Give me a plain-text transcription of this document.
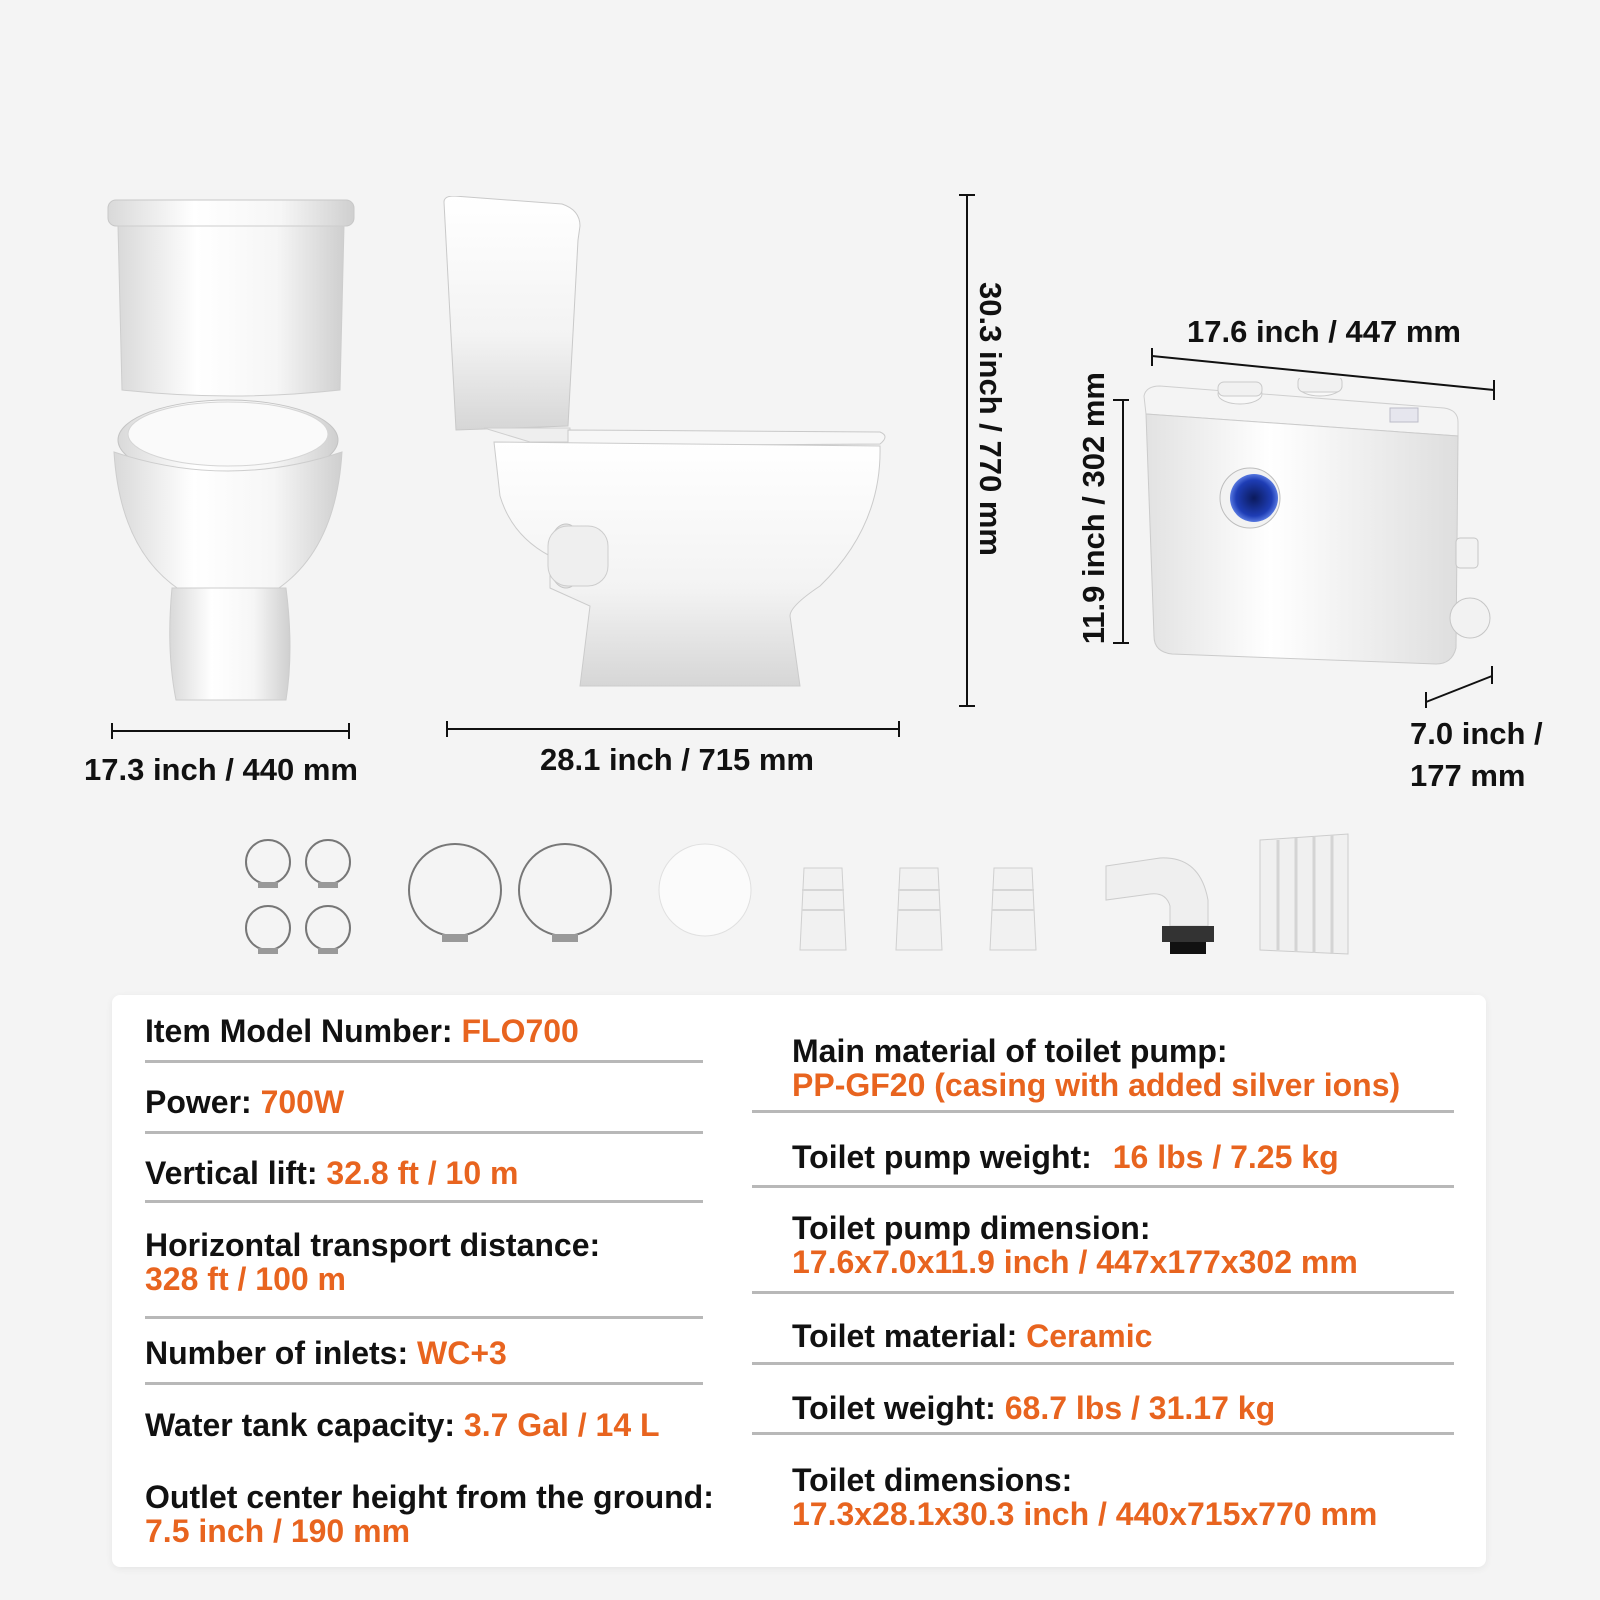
17.3 inch / 440 mm	28.1 inch / 715 mm
30.3 inch / 770 mm	17.6 inch / 447 mm
11.9 inch / 302 mm
7.0 inch /
177 mm
Item Model Number: FLO700
Power: 700W
Vertical lift: 32.8 ft / 10 m
Horizontal transport distance:
328 ft / 100 m
Number of inlets: WC+3
Water tank capacity: 3.7 Gal / 14 L
Outlet center height from the ground:
7.5 inch / 190 mm
Main material of toilet pump:
PP-GF20 (casing with added silver ions)
Toilet pump weight: 16 lbs / 7.25 kg
Toilet pump dimension:
17.6x7.0x11.9 inch / 447x177x302 mm
Toilet material: Ceramic
Toilet weight: 68.7 lbs / 31.17 kg
Toilet dimensions:
17.3x28.1x30.3 inch / 440x715x770 mm
